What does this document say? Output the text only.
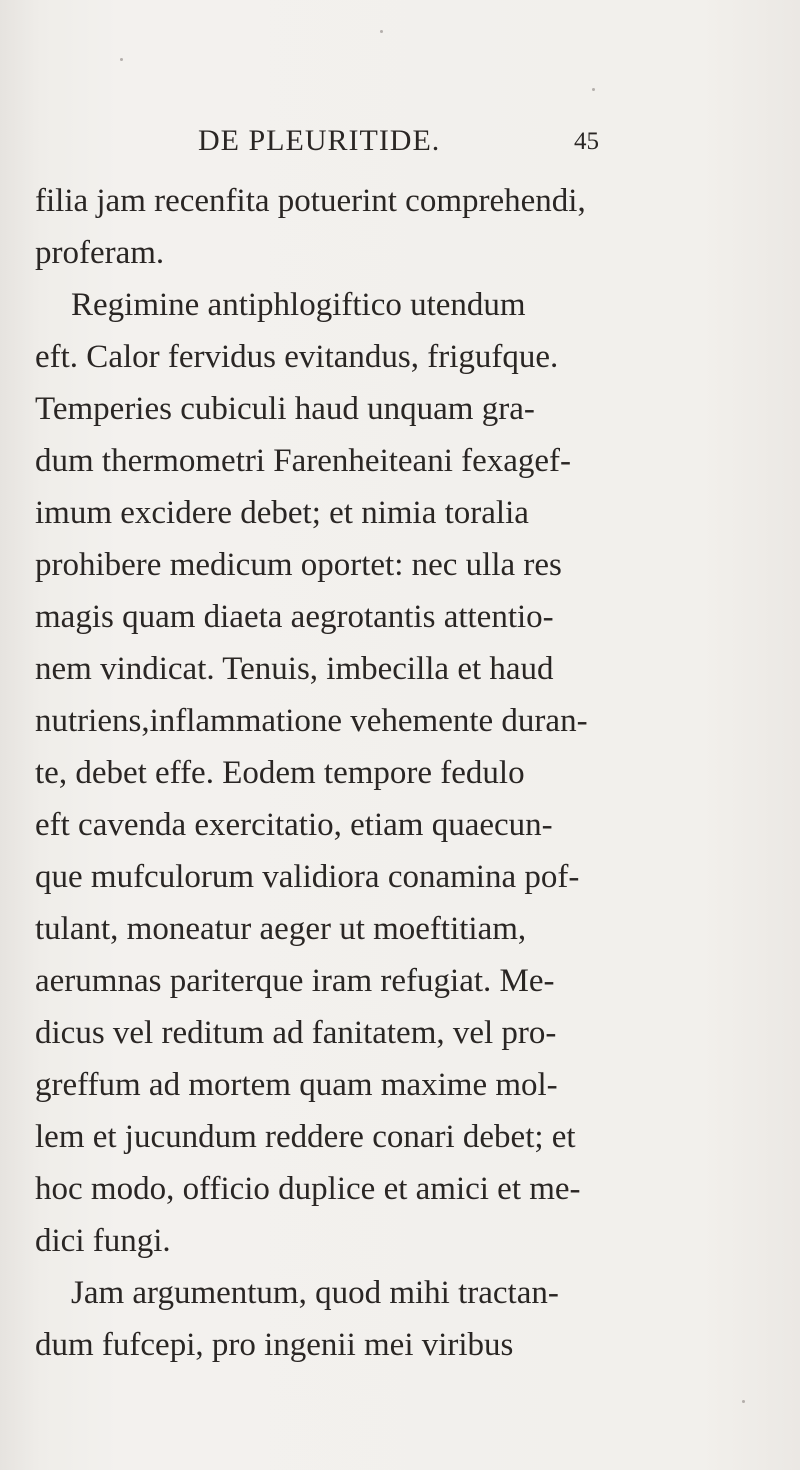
DE PLEURITIDE.	45
filia jam recenfita potuerint comprehendi,
proferam.
Regimine antiphlogiftico utendum
eft. Calor fervidus evitandus, frigufque.
Temperies cubiculi haud unquam gra-
dum thermometri Farenheiteani fexagef-
imum excidere debet; et nimia toralia
prohibere medicum oportet: nec ulla res
magis quam diaeta aegrotantis attentio-
nem vindicat. Tenuis, imbecilla et haud
nutriens,inflammatione vehemente duran-
te, debet effe. Eodem tempore fedulo
eft cavenda exercitatio, etiam quaecun-
que mufculorum validiora conamina pof-
tulant, moneatur aeger ut moeftitiam,
aerumnas pariterque iram refugiat. Me-
dicus vel reditum ad fanitatem, vel pro-
greffum ad mortem quam maxime mol-
lem et jucundum reddere conari debet; et
hoc modo, officio duplice et amici et me-
dici fungi.
Jam argumentum, quod mihi tractan-
dum fufcepi, pro ingenii mei viribus
